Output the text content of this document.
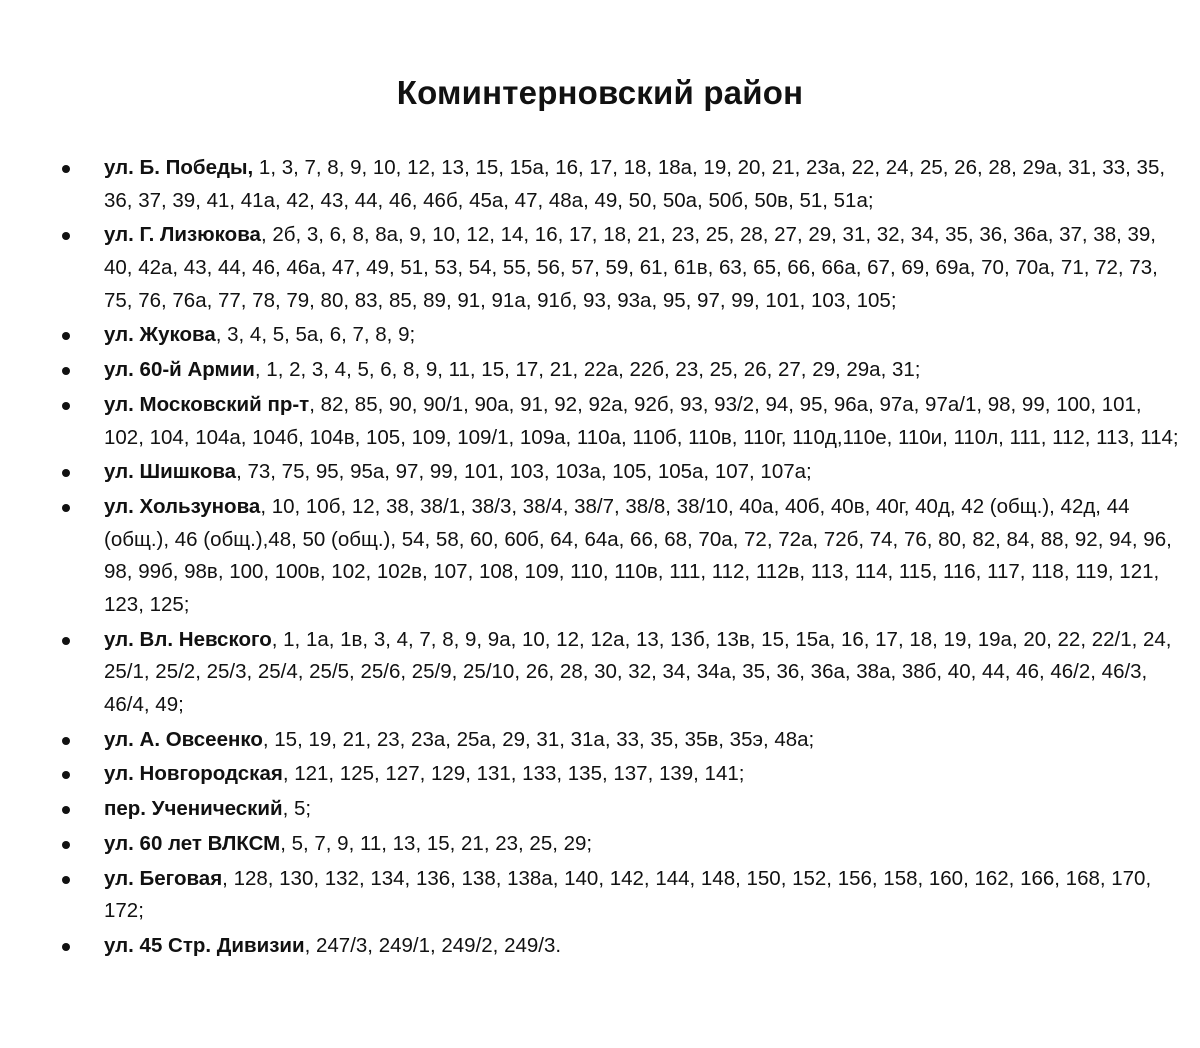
Коминтерновский район
ул. Б. Победы, 1, 3, 7, 8, 9, 10, 12, 13, 15, 15а, 16, 17, 18, 18а, 19, 20, 21, 23а, 22, 24, 25, 26, 28, 29а, 31, 33, 35, 36, 37, 39, 41, 41а, 42, 43, 44, 46, 46б, 45а, 47, 48а, 49, 50, 50а, 50б, 50в, 51, 51а;
ул. Г. Лизюкова, 2б, 3, 6, 8, 8а, 9, 10, 12, 14, 16, 17, 18, 21, 23, 25, 28, 27, 29, 31, 32, 34, 35, 36, 36а, 37, 38, 39, 40, 42а, 43, 44, 46, 46а, 47, 49, 51, 53, 54, 55, 56, 57, 59, 61, 61в, 63, 65, 66, 66а, 67, 69, 69а, 70, 70а, 71, 72, 73, 75, 76, 76а, 77, 78, 79, 80, 83, 85, 89, 91, 91а, 91б, 93, 93а, 95, 97, 99, 101, 103, 105;
ул. Жукова, 3, 4, 5, 5а, 6, 7, 8, 9;
ул. 60-й Армии, 1, 2, 3, 4, 5, 6, 8, 9, 11, 15, 17, 21, 22а, 22б, 23, 25, 26, 27, 29, 29а, 31;
ул. Московский пр-т, 82, 85, 90, 90/1, 90а, 91, 92, 92а, 92б, 93, 93/2, 94, 95, 96а, 97а, 97а/1, 98, 99, 100, 101, 102, 104, 104а, 104б, 104в, 105, 109, 109/1, 109а, 110а, 110б, 110в, 110г, 110д,110е, 110и, 110л, 111, 112, 113, 114;
ул. Шишкова, 73, 75, 95, 95а, 97, 99, 101, 103, 103а, 105, 105а, 107, 107а;
ул. Хользунова, 10, 10б, 12, 38, 38/1, 38/3, 38/4, 38/7, 38/8, 38/10, 40а, 40б, 40в, 40г, 40д, 42 (общ.), 42д, 44 (общ.), 46 (общ.),48, 50 (общ.), 54, 58, 60, 60б, 64, 64а, 66, 68, 70а, 72, 72а, 72б, 74, 76, 80, 82, 84, 88, 92, 94, 96, 98, 99б, 98в, 100, 100в, 102, 102в, 107, 108, 109, 110, 110в, 111, 112, 112в, 113, 114, 115, 116, 117, 118, 119, 121, 123, 125;
ул. Вл. Невского, 1, 1а, 1в, 3, 4, 7, 8, 9, 9а, 10, 12, 12а, 13, 13б, 13в, 15, 15а, 16, 17, 18, 19, 19а, 20, 22, 22/1, 24, 25/1, 25/2, 25/3, 25/4, 25/5, 25/6, 25/9, 25/10, 26, 28, 30, 32, 34, 34а, 35, 36, 36а, 38а, 38б, 40, 44, 46, 46/2, 46/3, 46/4, 49;
ул. А. Овсеенко, 15, 19, 21, 23, 23а, 25а, 29, 31, 31а, 33, 35, 35в, 35э, 48а;
ул. Новгородская, 121, 125, 127, 129, 131, 133, 135, 137, 139, 141;
пер. Ученический, 5;
ул. 60 лет ВЛКСМ, 5, 7, 9, 11, 13, 15, 21, 23, 25, 29;
ул. Беговая, 128, 130, 132, 134, 136, 138, 138а, 140, 142, 144, 148, 150, 152, 156, 158, 160, 162, 166, 168, 170, 172;
ул. 45 Стр. Дивизии, 247/3, 249/1, 249/2, 249/3.
